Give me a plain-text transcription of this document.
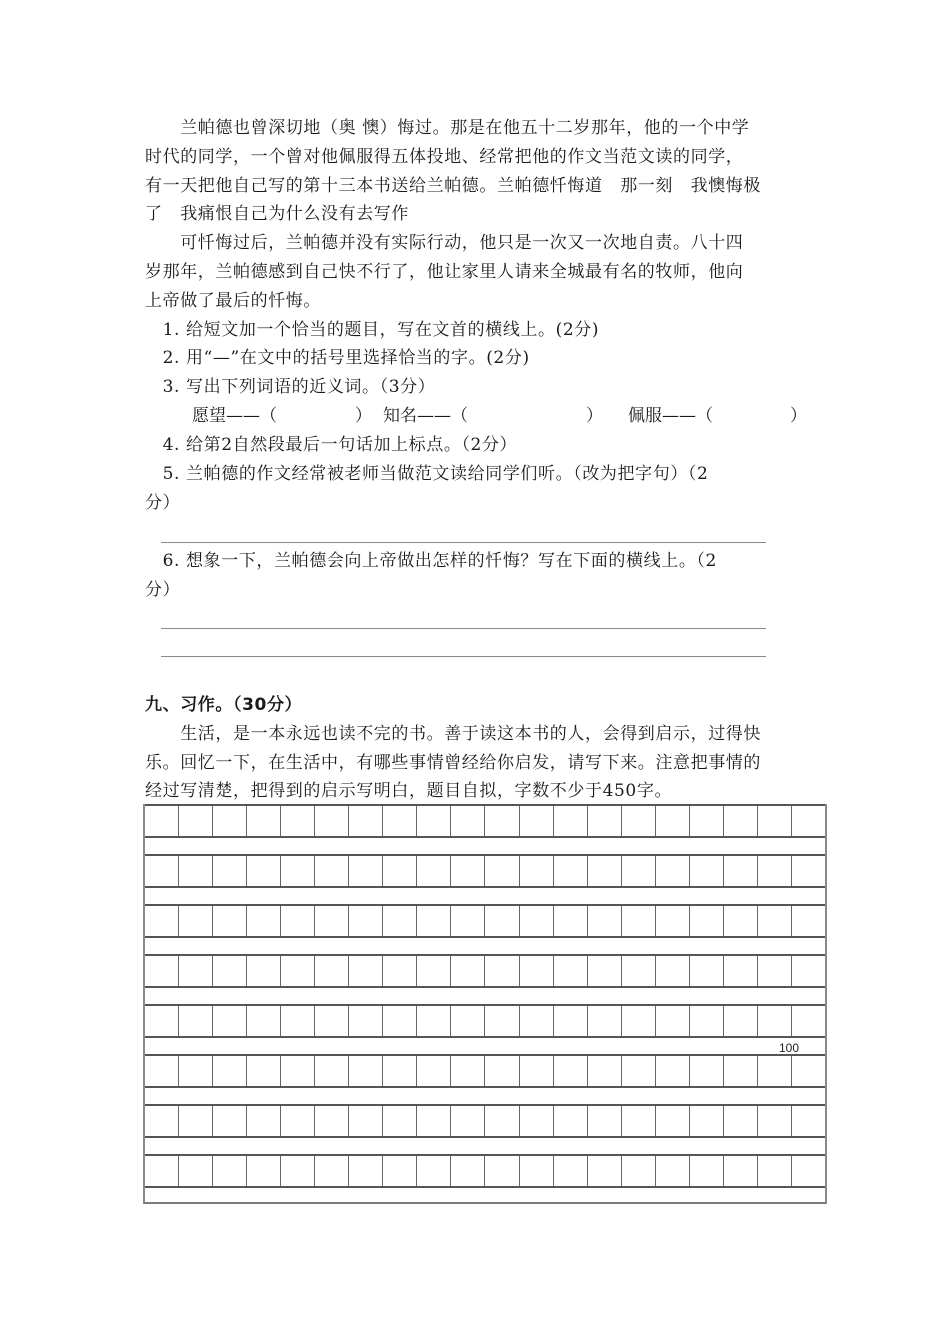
　　兰帕德也曾深切地（奥 懊）悔过。那是在他五十二岁那年，他的一个中学
时代的同学，一个曾对他佩服得五体投地、经常把他的作文当范文读的同学，
有一天把他自己写的第十三本书送给兰帕德。兰帕德忏悔道　那一刻　我懊悔极
了　我痛恨自己为什么没有去写作
　　可忏悔过后，兰帕德并没有实际行动，他只是一次又一次地自责。八十四
岁那年，兰帕德感到自己快不行了，他让家里人请来全城最有名的牧师，他向
上帝做了最后的忏悔。
　1. 给短文加一个恰当的题目，写在文首的横线上。(2分)
　2. 用“—”在文中的括号里选择恰当的字。(2分)
　3. 写出下列词语的近义词。（3分）
愿望——（	） 知名——（	） 佩服——（	）
　4. 给第2自然段最后一句话加上标点。（2分）
　5. 兰帕德的作文经常被老师当做范文读给同学们听。（改为把字句）（2
分）
　6. 想象一下，兰帕德会向上帝做出怎样的忏悔？写在下面的横线上。（2
分）
九、习作。（30分）
　　生活，是一本永远也读不完的书。善于读这本书的人，会得到启示，过得快
乐。回忆一下，在生活中，有哪些事情曾经给你启发，请写下来。注意把事情的
经过写清楚，把得到的启示写明白，题目自拟，字数不少于450字。
100
